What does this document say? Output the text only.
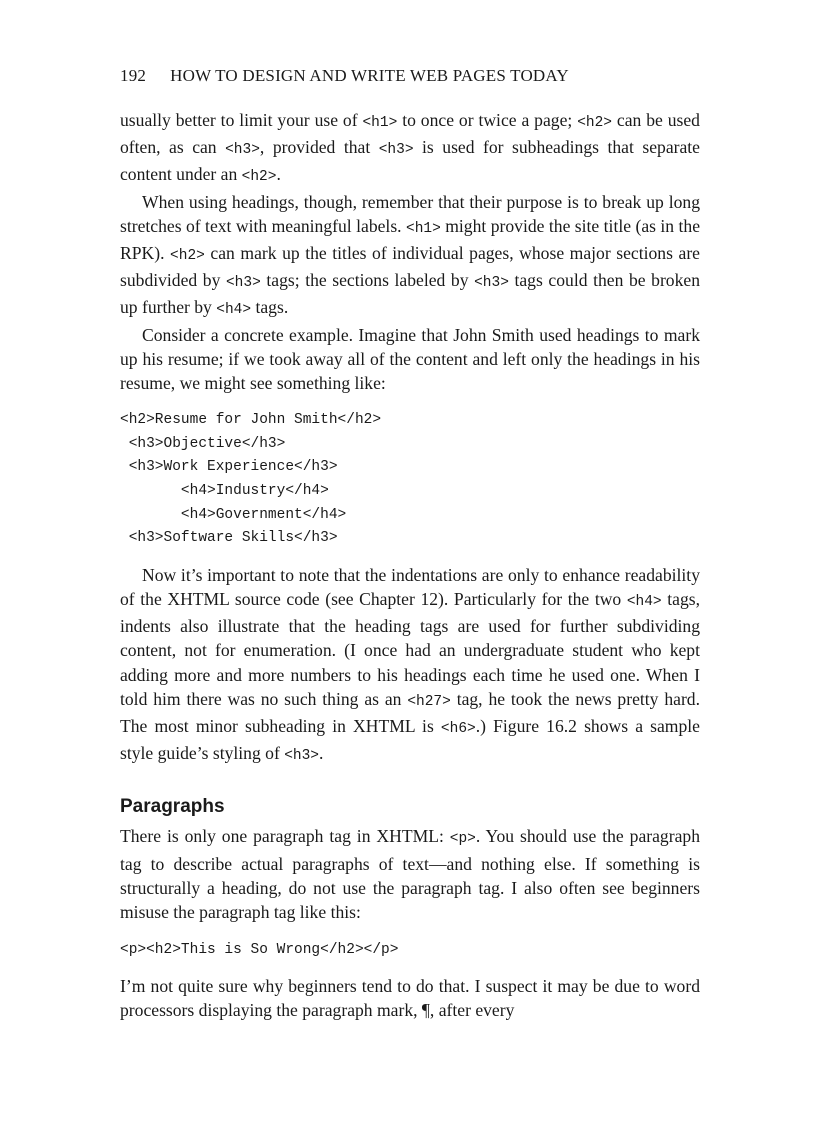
192 HOW TO DESIGN AND WRITE WEB PAGES TODAY

usually better to limit your use of <h1> to once or twice a page; <h2> can be used often, as can <h3>, provided that <h3> is used for subheadings that separate content under an <h2>.

When using headings, though, remember that their purpose is to break up long stretches of text with meaningful labels. <h1> might provide the site title (as in the RPK). <h2> can mark up the titles of individual pages, whose major sections are subdivided by <h3> tags; the sections labeled by <h3> tags could then be broken up further by <h4> tags.

Consider a concrete example. Imagine that John Smith used headings to mark up his resume; if we took away all of the content and left only the headings in his resume, we might see something like:

<h2>Resume for John Smith</h2>
<h3>Objective</h3>
<h3>Work Experience</h3>
<h4>Industry</h4>
<h4>Government</h4>
<h3>Software Skills</h3>

Now it’s important to note that the indentations are only to enhance readability of the XHTML source code (see Chapter 12). Particularly for the two <h4> tags, indents also illustrate that the heading tags are used for further subdividing content, not for enumeration. (I once had an undergraduate student who kept adding more and more numbers to his headings each time he used one. When I told him there was no such thing as an <h27> tag, he took the news pretty hard. The most minor subheading in XHTML is <h6>.) Figure 16.2 shows a sample style guide’s styling of <h3>.

Paragraphs

There is only one paragraph tag in XHTML: <p>. You should use the paragraph tag to describe actual paragraphs of text—and nothing else. If something is structurally a heading, do not use the paragraph tag. I also often see beginners misuse the paragraph tag like this:

<p><h2>This is So Wrong</h2></p>

I’m not quite sure why beginners tend to do that. I suspect it may be due to word processors displaying the paragraph mark, ¶, after every
